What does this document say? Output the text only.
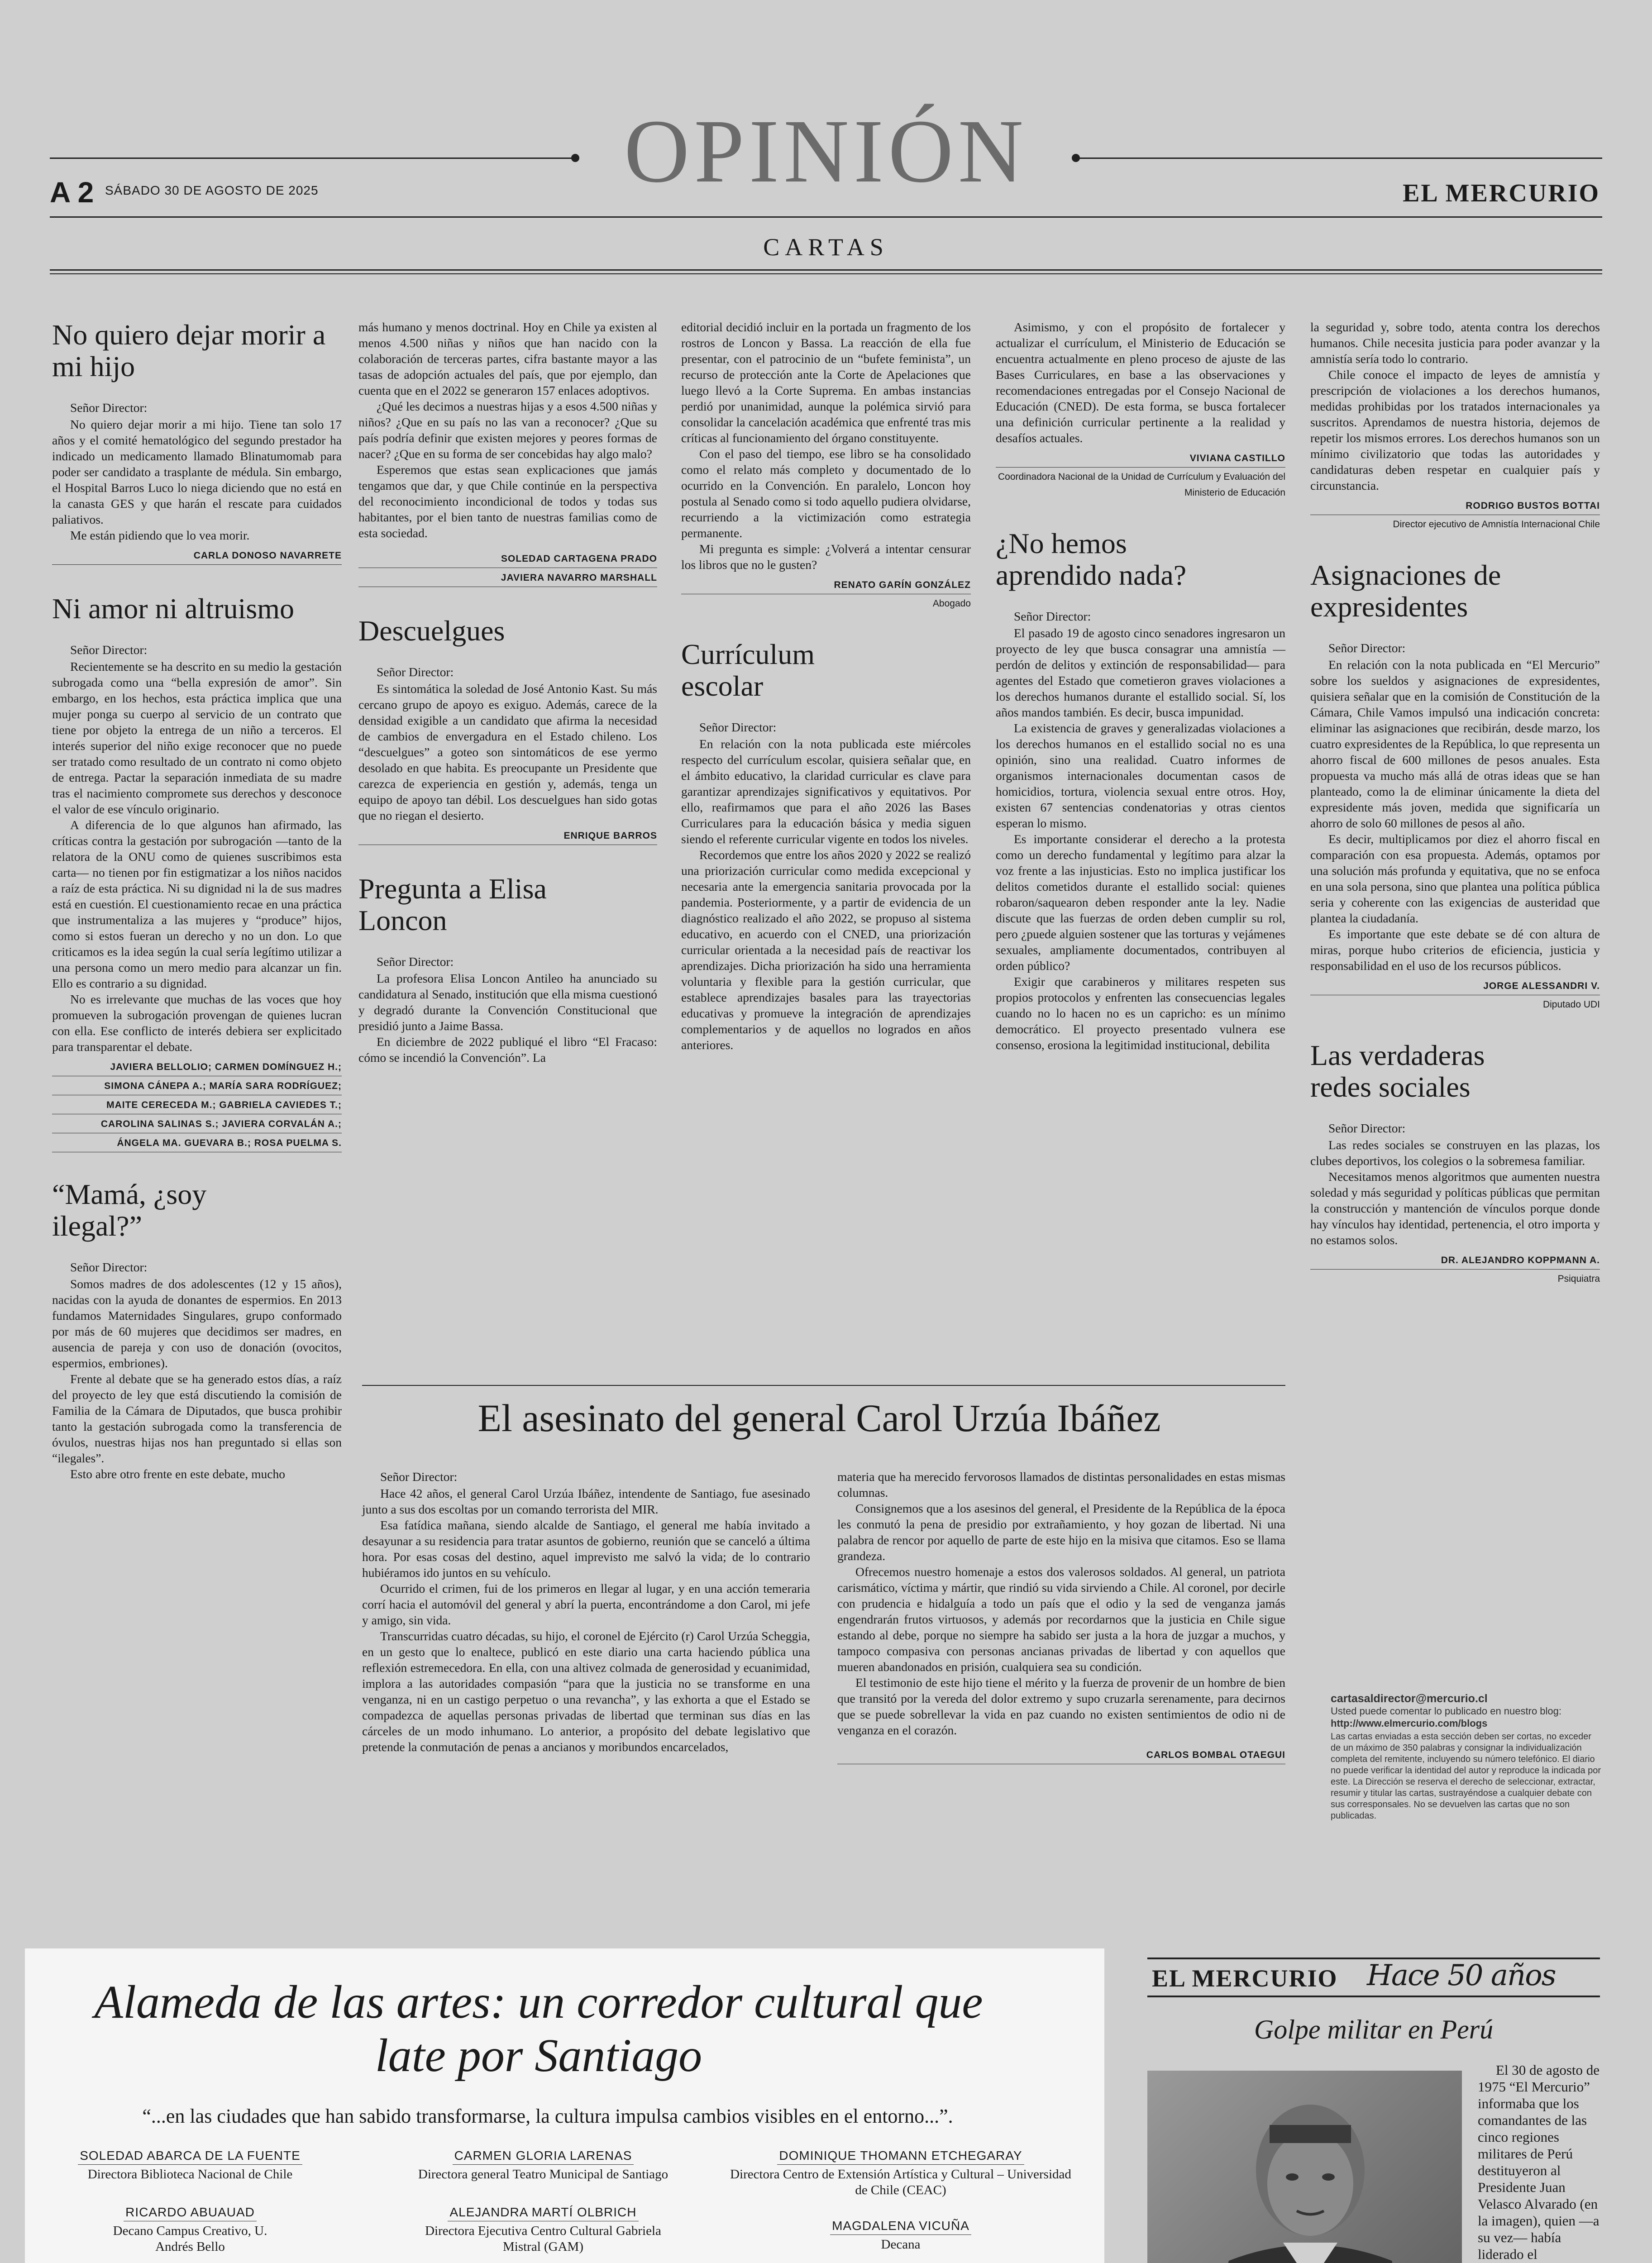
OPINIÓN
A 2 SÁBADO 30 DE AGOSTO DE 2025	EL MERCURIO
CARTAS
No quiero dejar morir a mi hijo
Señor Director:

No quiero dejar morir a mi hijo. Tiene tan solo 17 años y el comité hematológico del segundo prestador ha indicado un medicamento llamado Blinatumomab para poder ser candidato a trasplante de médula. Sin embargo, el Hospital Barros Luco lo niega diciendo que no está en la canasta GES y que harán el rescate para cuidados paliativos.

Me están pidiendo que lo vea morir.

CARLA DONOSO NAVARRETE
Ni amor ni altruismo
Señor Director:

Recientemente se ha descrito en su medio la gestación subrogada como una “bella expresión de amor”. Sin embargo, en los hechos, esta práctica implica que una mujer ponga su cuerpo al servicio de un contrato que tiene por objeto la entrega de un niño a terceros. El interés superior del niño exige reconocer que no puede ser tratado como resultado de un contrato ni como objeto de entrega. Pactar la separación inmediata de su madre tras el nacimiento compromete sus derechos y desconoce el valor de ese vínculo originario.

A diferencia de lo que algunos han afirmado, las críticas contra la gestación por subrogación —tanto de la relatora de la ONU como de quienes suscribimos esta carta— no tienen por fin estigmatizar a los niños nacidos a raíz de esta práctica. Ni su dignidad ni la de sus madres está en cuestión. El cuestionamiento recae en una práctica que instrumentaliza a las mujeres y “produce” hijos, como si estos fueran un derecho y no un don. Lo que criticamos es la idea según la cual sería legítimo utilizar a una persona como un mero medio para alcanzar un fin. Ello es contrario a su dignidad.

No es irrelevante que muchas de las voces que hoy promueven la subrogación provengan de quienes lucran con ella. Ese conflicto de interés debiera ser explicitado para transparentar el debate.

JAVIERA BELLOLIO; CARMEN DOMÍNGUEZ H.;
SIMONA CÁNEPA A.; MARÍA SARA RODRÍGUEZ;
MAITE CERECEDA M.; GABRIELA CAVIEDES T.;
CAROLINA SALINAS S.; JAVIERA CORVALÁN A.;
ÁNGELA MA. GUEVARA B.; ROSA PUELMA S.
“Mamá, ¿soy ilegal?”
Señor Director:

Somos madres de dos adolescentes (12 y 15 años), nacidas con la ayuda de donantes de espermios. En 2013 fundamos Maternidades Singulares, grupo conformado por más de 60 mujeres que decidimos ser madres, en ausencia de pareja y con uso de donación (ovocitos, espermios, embriones).

Frente al debate que se ha generado estos días, a raíz del proyecto de ley que está discutiendo la comisión de Familia de la Cámara de Diputados, que busca prohibir tanto la gestación subrogada como la transferencia de óvulos, nuestras hijas nos han preguntado si ellas son “ilegales”.

Esto abre otro frente en este debate, mucho

más humano y menos doctrinal. Hoy en Chile ya existen al menos 4.500 niñas y niños que han nacido con la colaboración de terceras partes, cifra bastante mayor a las tasas de adopción actuales del país, que por ejemplo, dan cuenta que en el 2022 se generaron 157 enlaces adoptivos.

¿Qué les decimos a nuestras hijas y a esos 4.500 niñas y niños? ¿Que en su país no las van a reconocer? ¿Que su país podría definir que existen mejores y peores formas de nacer? ¿Que en su forma de ser concebidas hay algo malo?

Esperemos que estas sean explicaciones que jamás tengamos que dar, y que Chile continúe en la perspectiva del reconocimiento incondicional de todos y todas sus habitantes, por el bien tanto de nuestras familias como de esta sociedad.

SOLEDAD CARTAGENA PRADO
JAVIERA NAVARRO MARSHALL
Descuelgues
Señor Director:

Es sintomática la soledad de José Antonio Kast. Su más cercano grupo de apoyo es exiguo. Además, carece de la densidad exigible a un candidato que afirma la necesidad de cambios de envergadura en el Estado chileno. Los “descuelgues” a goteo son sintomáticos de ese yermo desolado en que habita. Es preocupante un Presidente que carezca de experiencia en gestión y, además, tenga un equipo de apoyo tan débil. Los descuelgues han sido gotas que no riegan el desierto.

ENRIQUE BARROS
Pregunta a Elisa Loncon
Señor Director:

La profesora Elisa Loncon Antileo ha anunciado su candidatura al Senado, institución que ella misma cuestionó y degradó durante la Convención Constitucional que presidió junto a Jaime Bassa.

En diciembre de 2022 publiqué el libro “El Fracaso: cómo se incendió la Convención”. La

editorial decidió incluir en la portada un fragmento de los rostros de Loncon y Bassa. La reacción de ella fue presentar, con el patrocinio de un “bufete feminista”, un recurso de protección ante la Corte de Apelaciones que luego llevó a la Corte Suprema. En ambas instancias perdió por unanimidad, aunque la polémica sirvió para consolidar la cancelación académica que enfrenté tras mis críticas al funcionamiento del órgano constituyente.

Con el paso del tiempo, ese libro se ha consolidado como el relato más completo y documentado de lo ocurrido en la Convención. En paralelo, Loncon hoy postula al Senado como si todo aquello pudiera olvidarse, recurriendo a la victimización como estrategia permanente.

Mi pregunta es simple: ¿Volverá a intentar censurar los libros que no le gusten?

RENATO GARÍN GONZÁLEZ
Abogado
Currículum escolar
Señor Director:

En relación con la nota publicada este miércoles respecto del currículum escolar, quisiera señalar que, en el ámbito educativo, la claridad curricular es clave para garantizar aprendizajes significativos y equitativos. Por ello, reafirmamos que para el año 2026 las Bases Curriculares para la educación básica y media siguen siendo el referente curricular vigente en todos los niveles.

Recordemos que entre los años 2020 y 2022 se realizó una priorización curricular como medida excepcional y necesaria ante la emergencia sanitaria provocada por la pandemia. Posteriormente, y a partir de evidencia de un diagnóstico realizado el año 2022, se propuso al sistema educativo, en acuerdo con el CNED, una priorización curricular orientada a la necesidad país de reactivar los aprendizajes. Dicha priorización ha sido una herramienta voluntaria y flexible para la gestión curricular, que establece aprendizajes basales para las trayectorias educativas y promueve la integración de aprendizajes complementarios y de aquellos no logrados en años anteriores.

Asimismo, y con el propósito de fortalecer y actualizar el currículum, el Ministerio de Educación se encuentra actualmente en pleno proceso de ajuste de las Bases Curriculares, en base a las observaciones y recomendaciones entregadas por el Consejo Nacional de Educación (CNED). De esta forma, se busca fortalecer una definición curricular pertinente a la realidad y desafíos actuales.

VIVIANA CASTILLO
Coordinadora Nacional de la Unidad de Currículum y Evaluación del Ministerio de Educación
¿No hemos aprendido nada?
Señor Director:

El pasado 19 de agosto cinco senadores ingresaron un proyecto de ley que busca consagrar una amnistía —perdón de delitos y extinción de responsabilidad— para agentes del Estado que cometieron graves violaciones a los derechos humanos durante el estallido social. Sí, los años mandos también. Es decir, busca impunidad.

La existencia de graves y generalizadas violaciones a los derechos humanos en el estallido social no es una opinión, sino una realidad. Cuatro informes de organismos internacionales documentan casos de homicidios, tortura, violencia sexual entre otros. Hoy, existen 67 sentencias condenatorias y otras cientos esperan lo mismo.

Es importante considerar el derecho a la protesta como un derecho fundamental y legítimo para alzar la voz frente a las injusticias. Esto no implica justificar los delitos cometidos durante el estallido social: quienes robaron/saquearon deben responder ante la ley. Nadie discute que las fuerzas de orden deben cumplir su rol, pero ¿puede alguien sostener que las torturas y vejámenes sexuales, ampliamente documentados, contribuyen al orden público?

Exigir que carabineros y militares respeten sus propios protocolos y enfrenten las consecuencias legales cuando no lo hacen no es un capricho: es un mínimo democrático. El proyecto presentado vulnera ese consenso, erosiona la legitimidad institucional, debilita

la seguridad y, sobre todo, atenta contra los derechos humanos. Chile necesita justicia para poder avanzar y la amnistía sería todo lo contrario.

Chile conoce el impacto de leyes de amnistía y prescripción de violaciones a los derechos humanos, medidas prohibidas por los tratados internacionales ya suscritos. Aprendamos de nuestra historia, dejemos de repetir los mismos errores. Los derechos humanos son un mínimo civilizatorio que todas las autoridades y candidaturas deben respetar en cualquier país y circunstancia.

RODRIGO BUSTOS BOTTAI
Director ejecutivo de Amnistía Internacional Chile
Asignaciones de expresidentes
Señor Director:

En relación con la nota publicada en “El Mercurio” sobre los sueldos y asignaciones de expresidentes, quisiera señalar que en la comisión de Constitución de la Cámara, Chile Vamos impulsó una indicación concreta: eliminar las asignaciones que recibirán, desde marzo, los cuatro expresidentes de la República, lo que representa un ahorro fiscal de 600 millones de pesos anuales. Esta propuesta va mucho más allá de otras ideas que se han planteado, como la de eliminar únicamente la dieta del expresidente más joven, medida que significaría un ahorro de solo 60 millones de pesos al año.

Es decir, multiplicamos por diez el ahorro fiscal en comparación con esa propuesta. Además, optamos por una solución más profunda y equitativa, que no se enfoca en una sola persona, sino que plantea una política pública seria y coherente con las exigencias de austeridad que plantea la ciudadanía.

Es importante que este debate se dé con altura de miras, porque hubo criterios de eficiencia, justicia y responsabilidad en el uso de los recursos públicos.

JORGE ALESSANDRI V.
Diputado UDI
Las verdaderas redes sociales
Señor Director:

Las redes sociales se construyen en las plazas, los clubes deportivos, los colegios o la sobremesa familiar.

Necesitamos menos algoritmos que aumenten nuestra soledad y más seguridad y políticas públicas que permitan la construcción y mantención de vínculos porque donde hay vínculos hay identidad, pertenencia, el otro importa y no estamos solos.

DR. ALEJANDRO KOPPMANN A.
Psiquiatra
cartasaldirector@mercurio.cl
Usted puede comentar lo publicado en nuestro blog:
http://www.elmercurio.com/blogs
Las cartas enviadas a esta sección deben ser cortas, no exceder de un máximo de 350 palabras y consignar la individualización completa del remitente, incluyendo su número telefónico. El diario no puede verificar la identidad del autor y reproduce la indicada por este. La Dirección se reserva el derecho de seleccionar, extractar, resumir y titular las cartas, sustrayéndose a cualquier debate con sus corresponsales. No se devuelven las cartas que no son publicadas.
El asesinato del general Carol Urzúa Ibáñez
Señor Director:

Hace 42 años, el general Carol Urzúa Ibáñez, intendente de Santiago, fue asesinado junto a sus dos escoltas por un comando terrorista del MIR.

Esa fatídica mañana, siendo alcalde de Santiago, el general me había invitado a desayunar a su residencia para tratar asuntos de gobierno, reunión que se canceló a última hora. Por esas cosas del destino, aquel imprevisto me salvó la vida; de lo contrario hubiéramos ido juntos en su vehículo.

Ocurrido el crimen, fui de los primeros en llegar al lugar, y en una acción temeraria corrí hacia el automóvil del general y abrí la puerta, encontrándome a don Carol, mi jefe y amigo, sin vida.

Transcurridas cuatro décadas, su hijo, el coronel de Ejército (r) Carol Urzúa Scheggia, en un gesto que lo enaltece, publicó en este diario una carta haciendo pública una reflexión estremecedora. En ella, con una altivez colmada de generosidad y ecuanimidad, implora a las autoridades compasión “para que la justicia no se transforme en una venganza, ni en un castigo perpetuo o una revancha”, y las exhorta a que el Estado se compadezca de aquellas personas privadas de libertad que terminan sus días en las cárceles de un modo inhumano. Lo anterior, a propósito del debate legislativo que pretende la conmutación de penas a ancianos y moribundos encarcelados,

materia que ha merecido fervorosos llamados de distintas personalidades en estas mismas columnas.

Consignemos que a los asesinos del general, el Presidente de la República de la época les conmutó la pena de presidio por extrañamiento, y hoy gozan de libertad. Ni una palabra de rencor por aquello de parte de este hijo en la misiva que citamos. Eso se llama grandeza.

Ofrecemos nuestro homenaje a estos dos valerosos soldados. Al general, un patriota carismático, víctima y mártir, que rindió su vida sirviendo a Chile. Al coronel, por decirle con prudencia e hidalguía a todo un país que el odio y la sed de venganza jamás engendrarán frutos virtuosos, y además por recordarnos que la justicia en Chile sigue estando al debe, porque no siempre ha sabido ser justa a la hora de juzgar a muchos, y tampoco compasiva con personas ancianas privadas de libertad y con aquellos que mueren abandonados en prisión, cualquiera sea su condición.

El testimonio de este hijo tiene el mérito y la fuerza de provenir de un hombre de bien que transitó por la vereda del dolor extremo y supo cruzarla serenamente, para decirnos que se puede sobrellevar la vida en paz cuando no existen sentimientos de odio ni de venganza en el corazón.

CARLOS BOMBAL OTAEGUI
Alameda de las artes: un corredor cultural que late por Santiago
“...en las ciudades que han sabido transformarse, la cultura impulsa cambios visibles en el entorno...”.
SOLEDAD ABARCA DE LA FUENTE
Directora Biblioteca Nacional de Chile
CARMEN GLORIA LARENAS
Directora general Teatro Municipal de Santiago
DOMINIQUE THOMANN ETCHEGARAY
Directora Centro de Extensión Artística y Cultural – Universidad de Chile (CEAC)
RICARDO ABUAUAD
Decano Campus Creativo, U. Andrés Bello
ALEJANDRA MARTÍ OLBRICH
Directora Ejecutiva Centro Cultural Gabriela Mistral (GAM)
MAGDALENA VICUÑA
Decana

EL MERCURIO Hace 50 años
Golpe militar en Perú

El 30 de agosto de 1975 “El Mercurio” informaba que los comandantes de las cinco regiones militares de Perú destituyeron al Presidente Juan Velasco Alvarado (en la imagen), quien —a su vez— había liderado el
